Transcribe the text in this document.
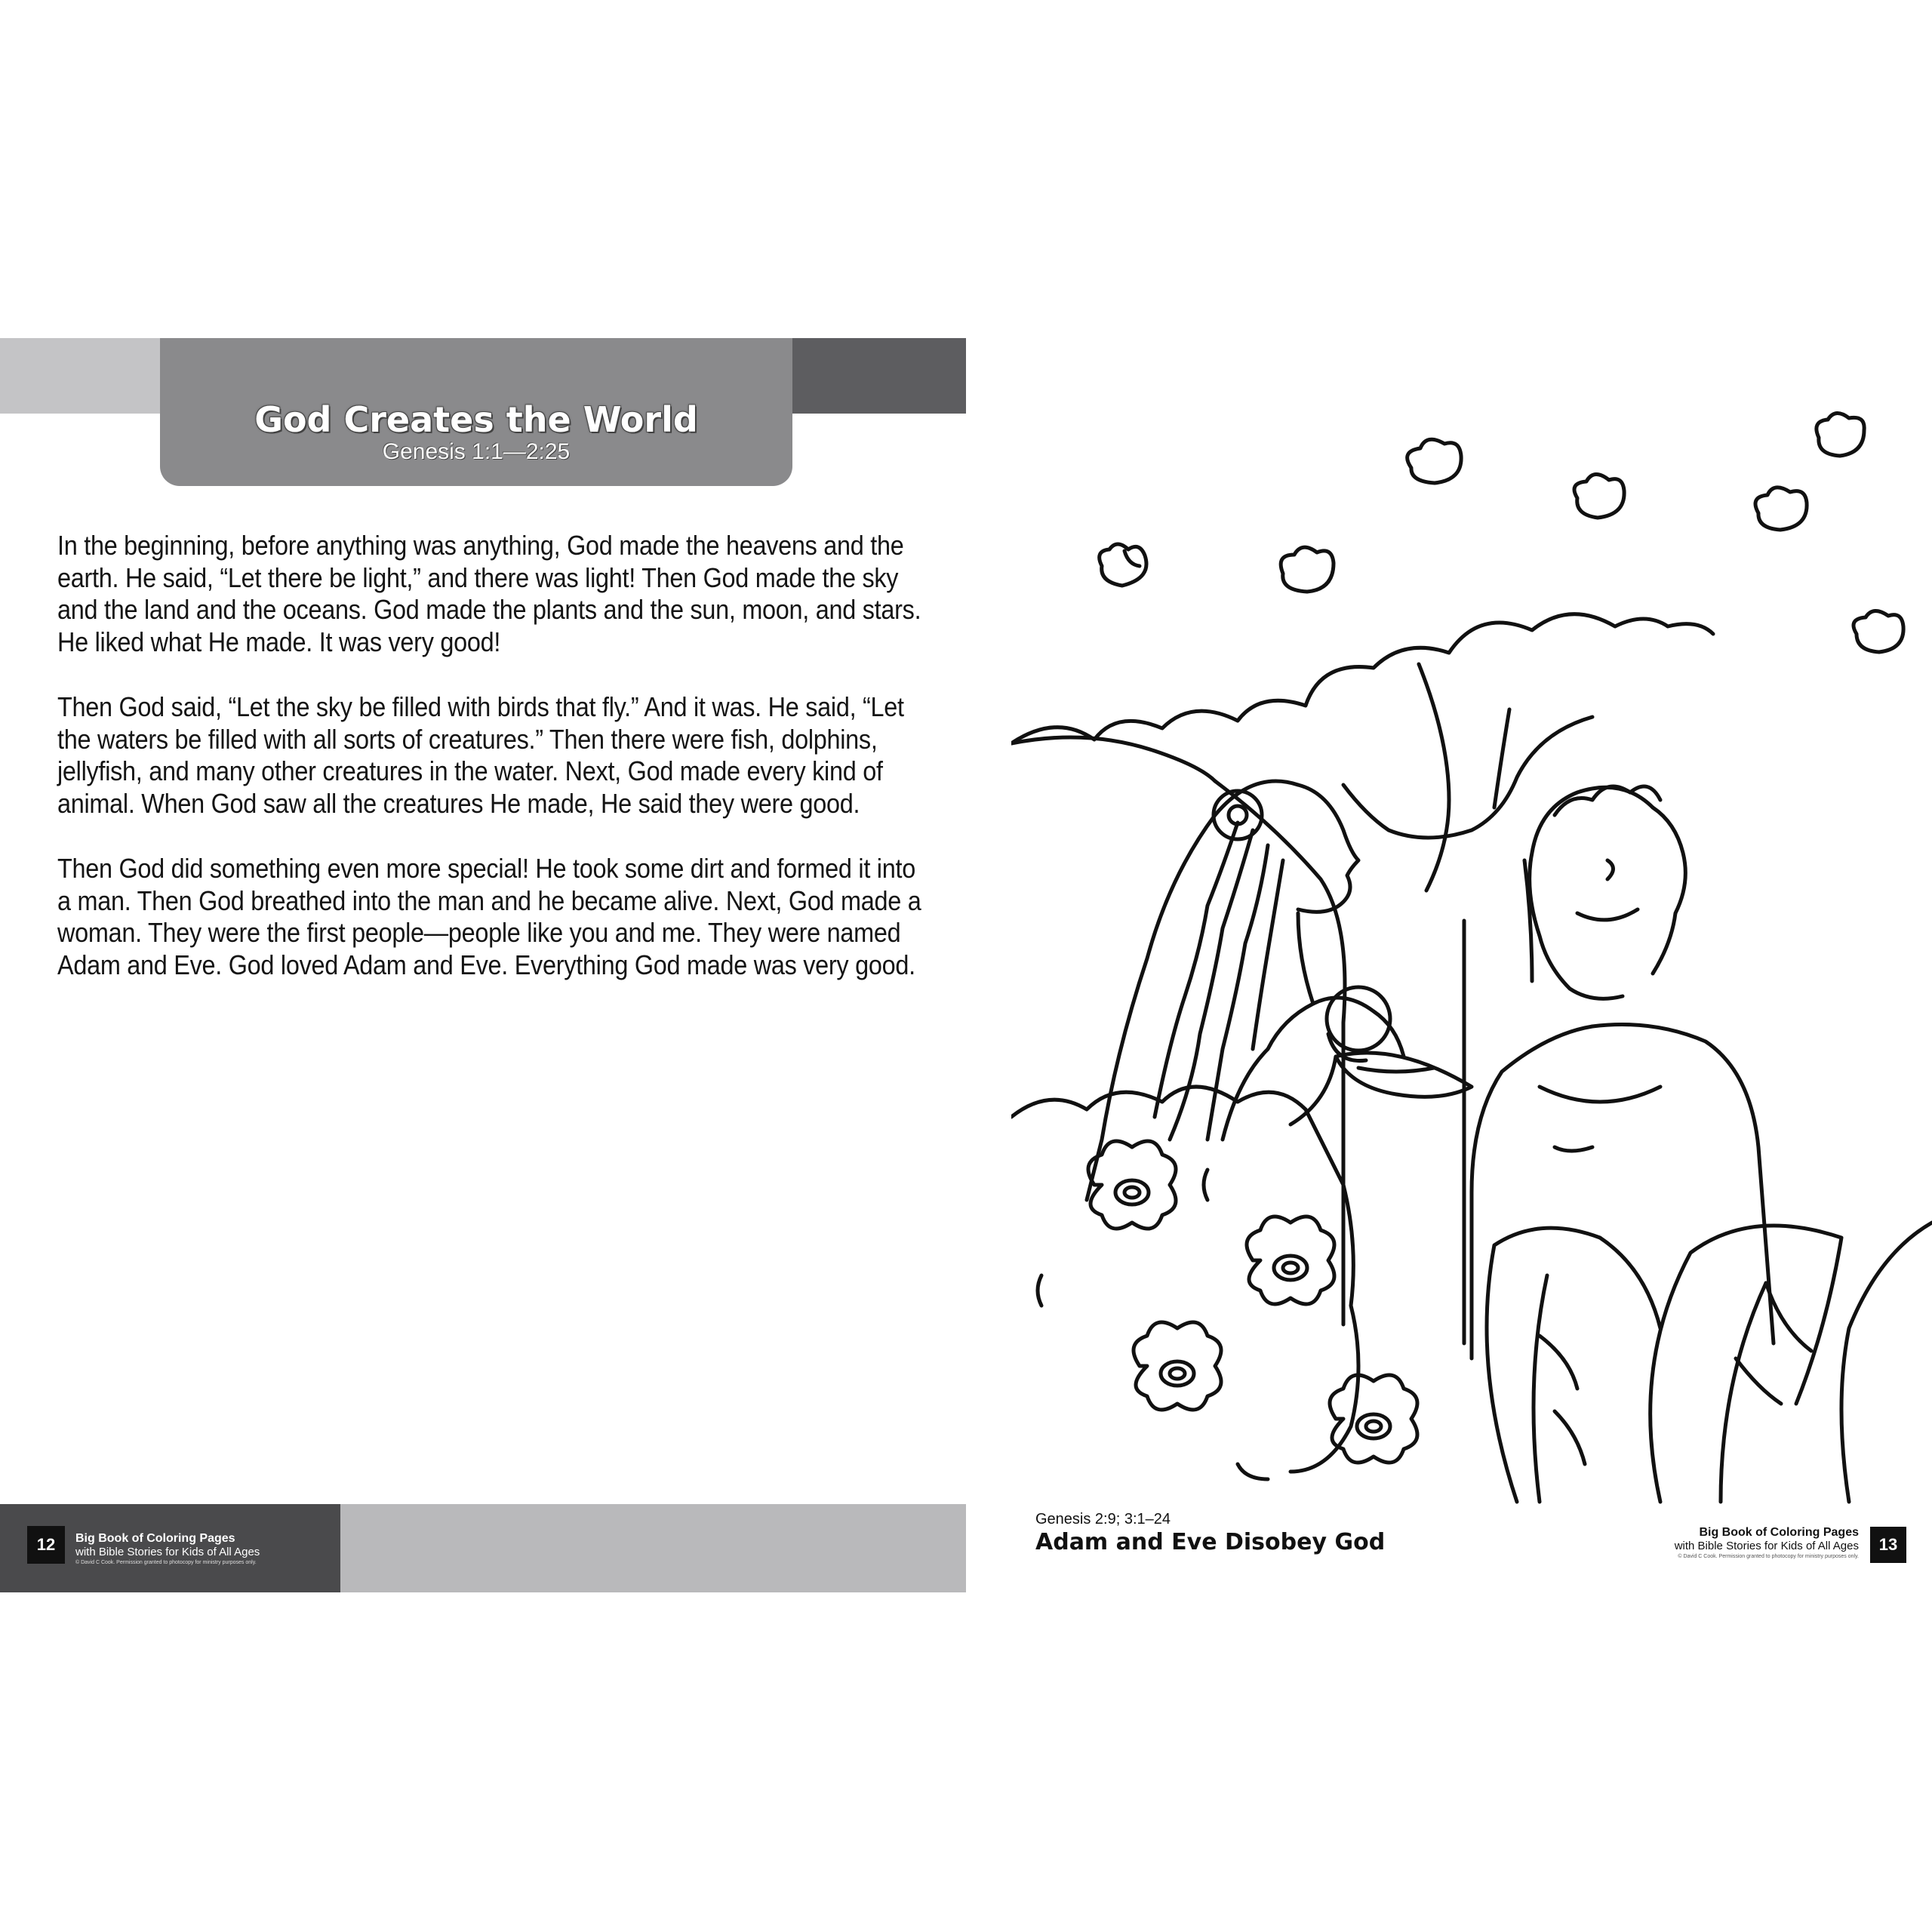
God Creates the World
Genesis 1:1—2:25

In the beginning, before anything was anything, God made the heavens and the earth. He said, “Let there be light,” and there was light! Then God made the sky and the land and the oceans. God made the plants and the sun, moon, and stars. He liked what He made. It was very good!

Then God said, “Let the sky be filled with birds that fly.” And it was. He said, “Let the waters be filled with all sorts of creatures.” Then there were fish, dolphins, jellyfish, and many other creatures in the water. Next, God made every kind of animal. When God saw all the creatures He made, He said they were good.

Then God did something even more special! He took some dirt and formed it into a man. Then God breathed into the man and he became alive. Next, God made a woman. They were the first people—people like you and me. They were named Adam and Eve. God loved Adam and Eve. Everything God made was very good.

12	Big Book of Coloring Pages
with Bible Stories for Kids of All Ages
© David C Cook. Permission granted to photocopy for ministry purposes only.
Genesis 2:9; 3:1–24
Adam and Eve Disobey God	Big Book of Coloring Pages
with Bible Stories for Kids of All Ages
© David C Cook. Permission granted to photocopy for ministry purposes only.
13
